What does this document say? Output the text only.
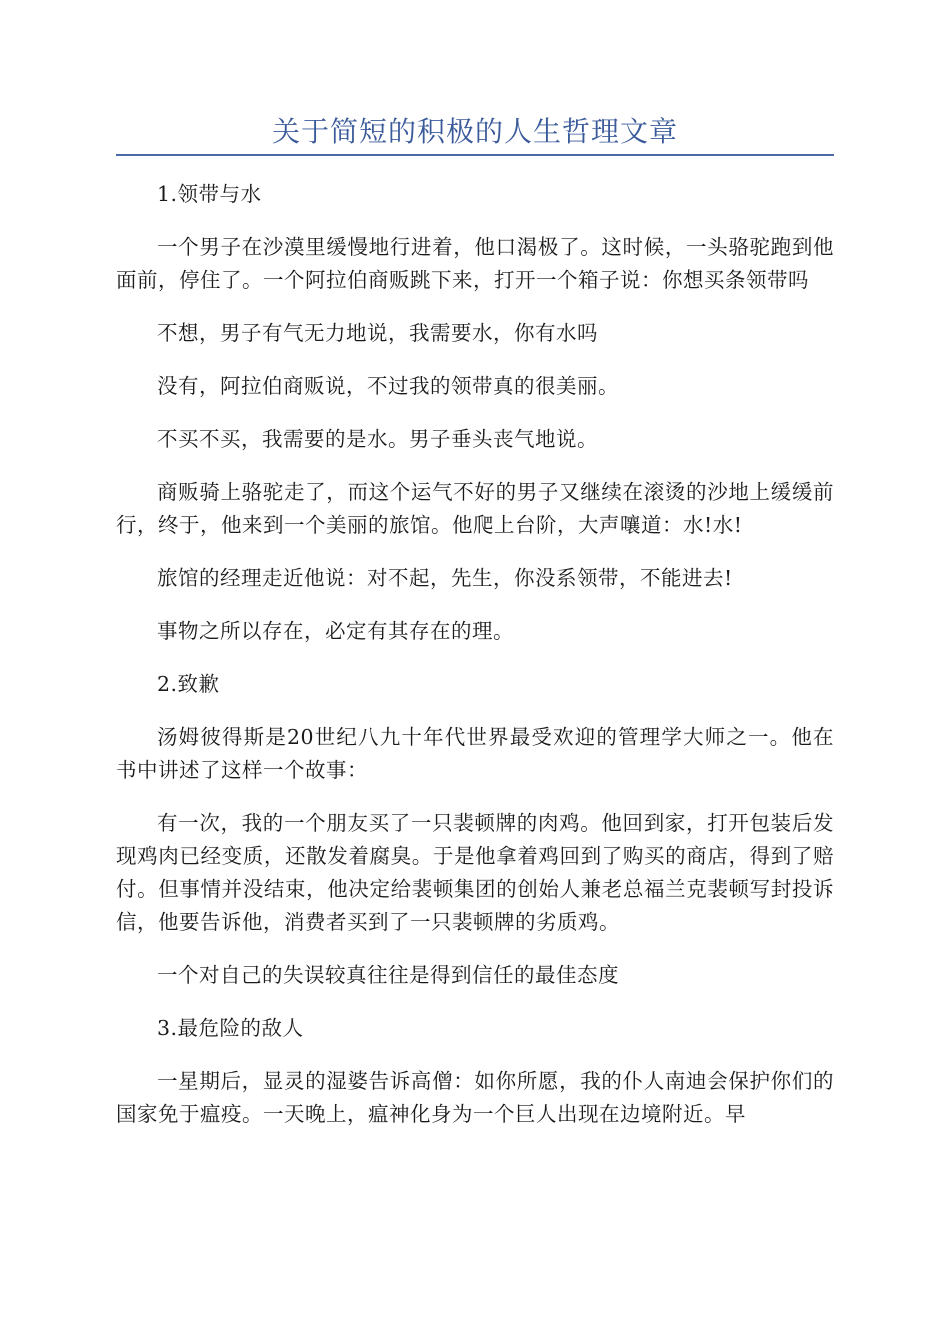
关于简短的积极的人生哲理文章

1.领带与水

一个男子在沙漠里缓慢地行进着，他口渴极了。这时候，一头骆驼跑到他面前，停住了。一个阿拉伯商贩跳下来，打开一个箱子说：你想买条领带吗

不想，男子有气无力地说，我需要水，你有水吗

没有，阿拉伯商贩说，不过我的领带真的很美丽。

不买不买，我需要的是水。男子垂头丧气地说。

商贩骑上骆驼走了，而这个运气不好的男子又继续在滚烫的沙地上缓缓前行，终于，他来到一个美丽的旅馆。他爬上台阶，大声嚷道：水!水!

旅馆的经理走近他说：对不起，先生，你没系领带，不能进去!

事物之所以存在，必定有其存在的理。

2.致歉

汤姆彼得斯是20世纪八九十年代世界最受欢迎的管理学大师之一。他在书中讲述了这样一个故事：

有一次，我的一个朋友买了一只裴顿牌的肉鸡。他回到家，打开包装后发现鸡肉已经变质，还散发着腐臭。于是他拿着鸡回到了购买的商店，得到了赔付。但事情并没结束，他决定给裴顿集团的创始人兼老总福兰克裴顿写封投诉信，他要告诉他，消费者买到了一只裴顿牌的劣质鸡。

一个对自己的失误较真往往是得到信任的最佳态度

3.最危险的敌人

一星期后，显灵的湿婆告诉高僧：如你所愿，我的仆人南迪会保护你们的国家免于瘟疫。一天晚上，瘟神化身为一个巨人出现在边境附近。早
